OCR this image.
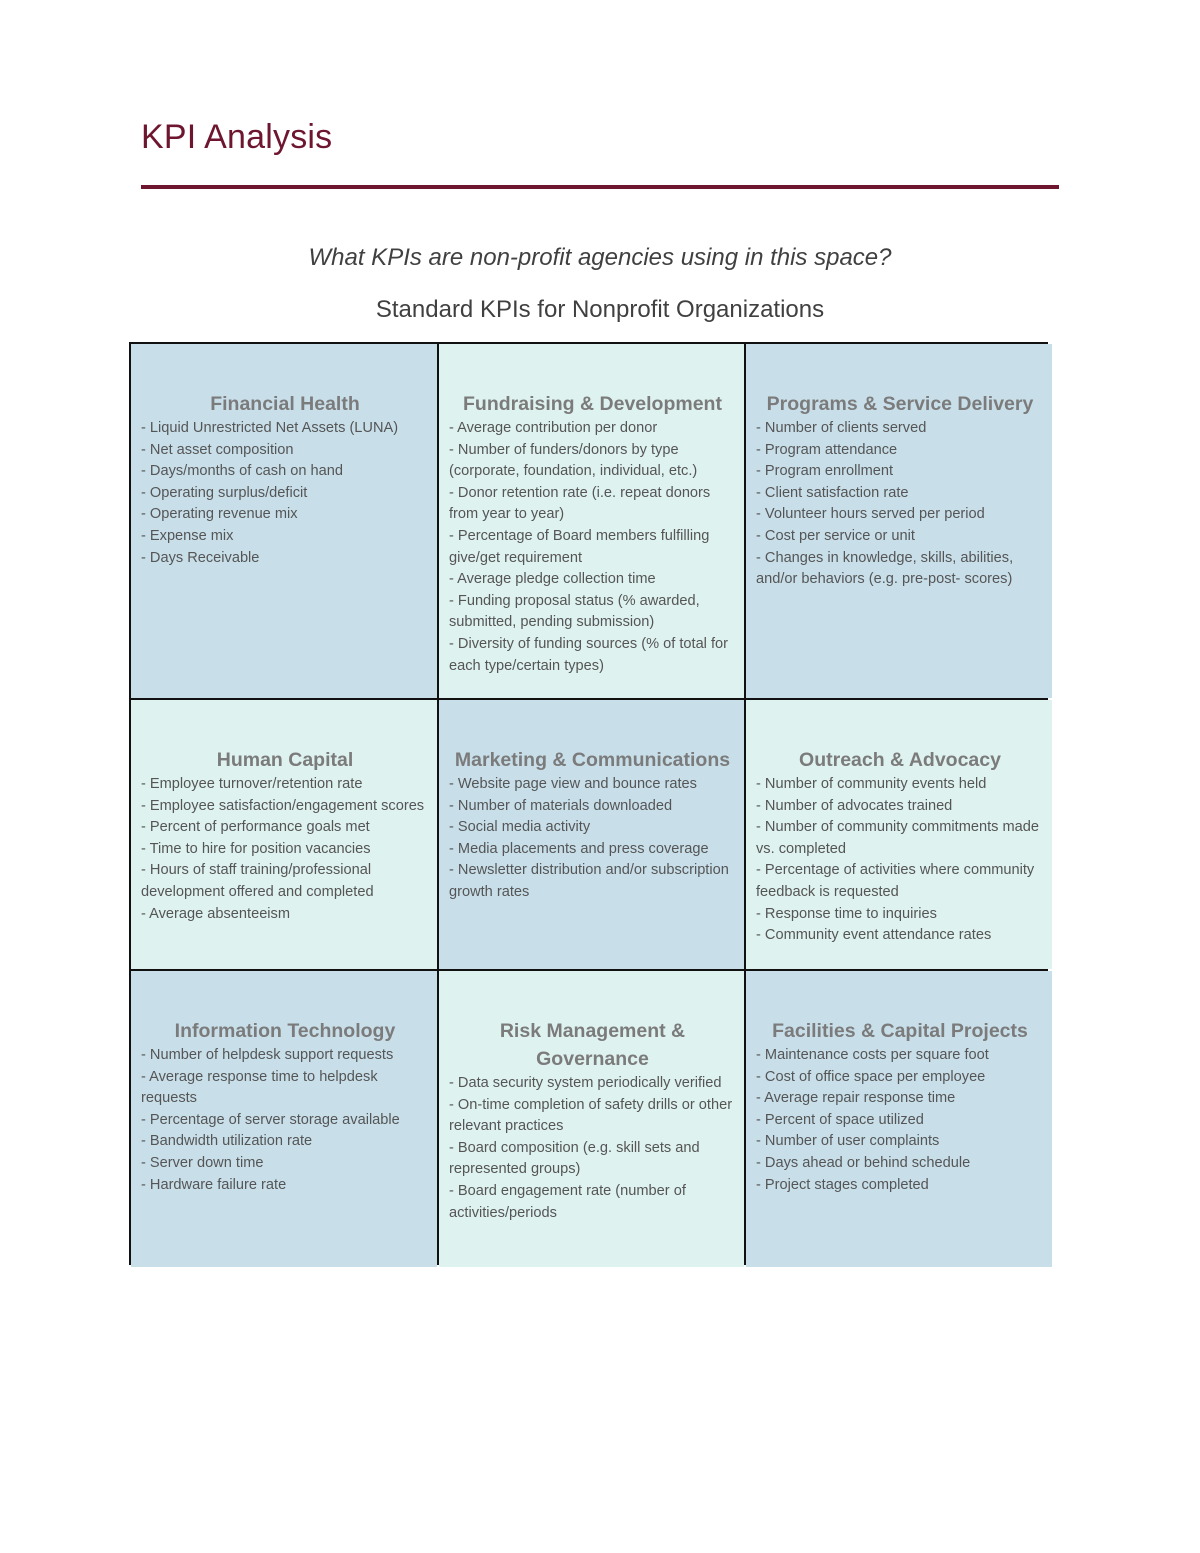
KPI Analysis
What KPIs are non-profit agencies using in this space?
Standard KPIs for Nonprofit Organizations
Financial Health
- Liquid Unrestricted Net Assets (LUNA)
- Net asset composition
- Days/months of cash on hand
- Operating surplus/deficit
- Operating revenue mix
- Expense mix
- Days Receivable
Fundraising & Development
- Average contribution per donor
- Number of funders/donors by type (corporate, foundation, individual, etc.)
- Donor retention rate (i.e. repeat donors from year to year)
- Percentage of Board members fulfilling give/get requirement
- Average pledge collection time
- Funding proposal status (% awarded, submitted, pending submission)
- Diversity of funding sources (% of total for each type/certain types)
Programs & Service Delivery
- Number of clients served
- Program attendance
- Program enrollment
- Client satisfaction rate
- Volunteer hours served per period
- Cost per service or unit
- Changes in knowledge, skills, abilities, and/or behaviors (e.g. pre-post- scores)
Human Capital
- Employee turnover/retention rate
- Employee satisfaction/engagement scores
- Percent of performance goals met
- Time to hire for position vacancies
- Hours of staff training/professional development offered and completed
- Average absenteeism
Marketing & Communications
- Website page view and bounce rates
- Number of materials downloaded
- Social media activity
- Media placements and press coverage
- Newsletter distribution and/or subscription growth rates
Outreach & Advocacy
- Number of community events held
- Number of advocates trained
- Number of community commitments made vs. completed
- Percentage of activities where community feedback is requested
- Response time to inquiries
- Community event attendance rates
Information Technology
- Number of helpdesk support requests
- Average response time to helpdesk requests
- Percentage of server storage available
- Bandwidth utilization rate
- Server down time
- Hardware failure rate
Risk Management & Governance
- Data security system periodically verified
- On-time completion of safety drills or other relevant practices
- Board composition (e.g. skill sets and represented groups)
- Board engagement rate (number of activities/periods
Facilities & Capital Projects
- Maintenance costs per square foot
- Cost of office space per employee
- Average repair response time
- Percent of space utilized
- Number of user complaints
- Days ahead or behind schedule
- Project stages completed
